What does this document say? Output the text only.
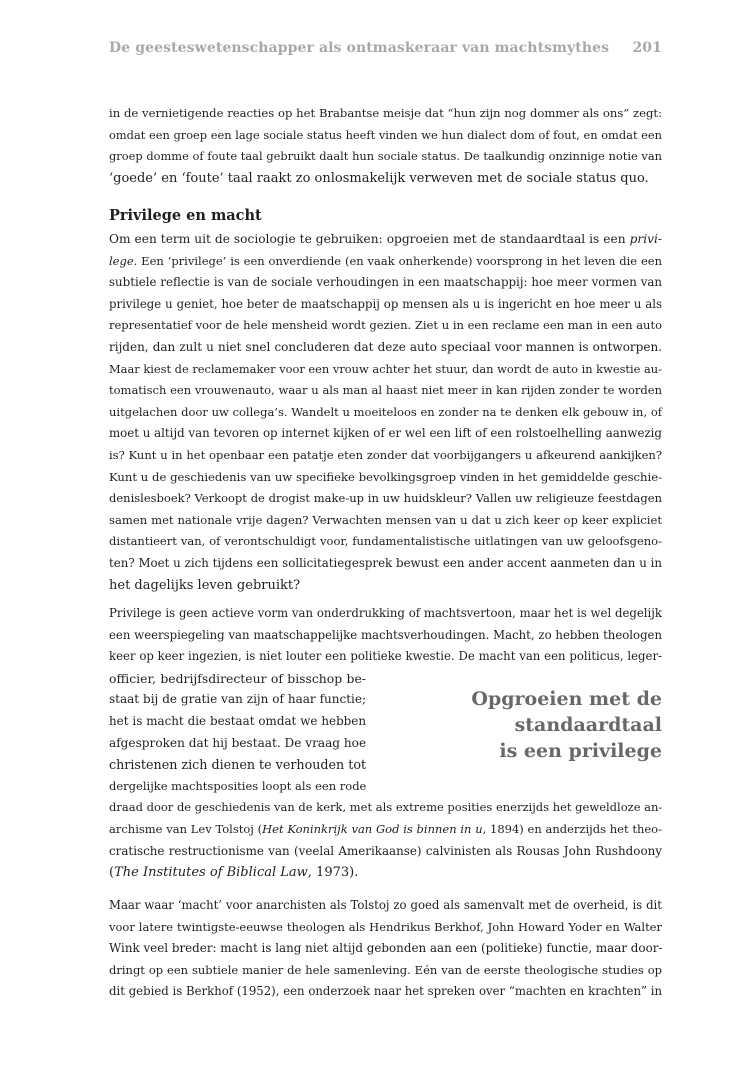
De geesteswetenschapper als ontmaskeraar van machtsmythes 201

in de vernietigende reacties op het Brabantse meisje dat “hun zijn nog dommer als ons” zegt:
omdat een groep een lage sociale status heeft vinden we hun dialect dom of fout, en omdat een
groep domme of foute taal gebruikt daalt hun sociale status. De taalkundig onzinnige notie van
‘goede’ en ‘foute’ taal raakt zo onlosmakelijk verweven met de sociale status quo.

Privilege en macht

Om een term uit de sociologie te gebruiken: opgroeien met de standaardtaal is een privi-
lege. Een ‘privilege’ is een onverdiende (en vaak onherkende) voorsprong in het leven die een
subtiele reflectie is van de sociale verhoudingen in een maatschappij: hoe meer vormen van
privilege u geniet, hoe beter de maatschappij op mensen als u is ingericht en hoe meer u als
representatief voor de hele mensheid wordt gezien. Ziet u in een reclame een man in een auto
rijden, dan zult u niet snel concluderen dat deze auto speciaal voor mannen is ontworpen.
Maar kiest de reclamemaker voor een vrouw achter het stuur, dan wordt de auto in kwestie au-
tomatisch een vrouwenauto, waar u als man al haast niet meer in kan rijden zonder te worden
uitgelachen door uw collega’s. Wandelt u moeiteloos en zonder na te denken elk gebouw in, of
moet u altijd van tevoren op internet kijken of er wel een lift of een rolstoelhelling aanwezig
is? Kunt u in het openbaar een patatje eten zonder dat voorbijgangers u afkeurend aankijken?
Kunt u de geschiedenis van uw specifieke bevolkingsgroep vinden in het gemiddelde geschie-
denislesboek? Verkoopt de drogist make-up in uw huidskleur? Vallen uw religieuze feestdagen
samen met nationale vrije dagen? Verwachten mensen van u dat u zich keer op keer expliciet
distantieert van, of verontschuldigt voor, fundamentalistische uitlatingen van uw geloofsgeno-
ten? Moet u zich tijdens een sollicitatiegesprek bewust een ander accent aanmeten dan u in
het dagelijks leven gebruikt?

Privilege is geen actieve vorm van onderdrukking of machtsvertoon, maar het is wel degelijk
een weerspiegeling van maatschappelijke machtsverhoudingen. Macht, zo hebben theologen
keer op keer ingezien, is niet louter een politieke kwestie. De macht van een politicus, leger-
officier, bedrijfsdirecteur of bisschop be-
staat bij de gratie van zijn of haar functie;
het is macht die bestaat omdat we hebben
afgesproken dat hij bestaat. De vraag hoe
christenen zich dienen te verhouden tot
dergelijke machtsposities loopt als een rode
draad door de geschiedenis van de kerk, met als extreme posities enerzijds het geweldloze an-
archisme van Lev Tolstoj (Het Koninkrijk van God is binnen in u, 1894) en anderzijds het theo-
cratische restructionisme van (veelal Amerikaanse) calvinisten als Rousas John Rushdoony
(The Institutes of Biblical Law, 1973).

Opgroeien met de
standaardtaal
is een privilege

Maar waar ‘macht’ voor anarchisten als Tolstoj zo goed als samenvalt met de overheid, is dit
voor latere twintigste-eeuwse theologen als Hendrikus Berkhof, John Howard Yoder en Walter
Wink veel breder: macht is lang niet altijd gebonden aan een (politieke) functie, maar door-
dringt op een subtiele manier de hele samenleving. Eén van de eerste theologische studies op
dit gebied is Berkhof (1952), een onderzoek naar het spreken over “machten en krachten” in
